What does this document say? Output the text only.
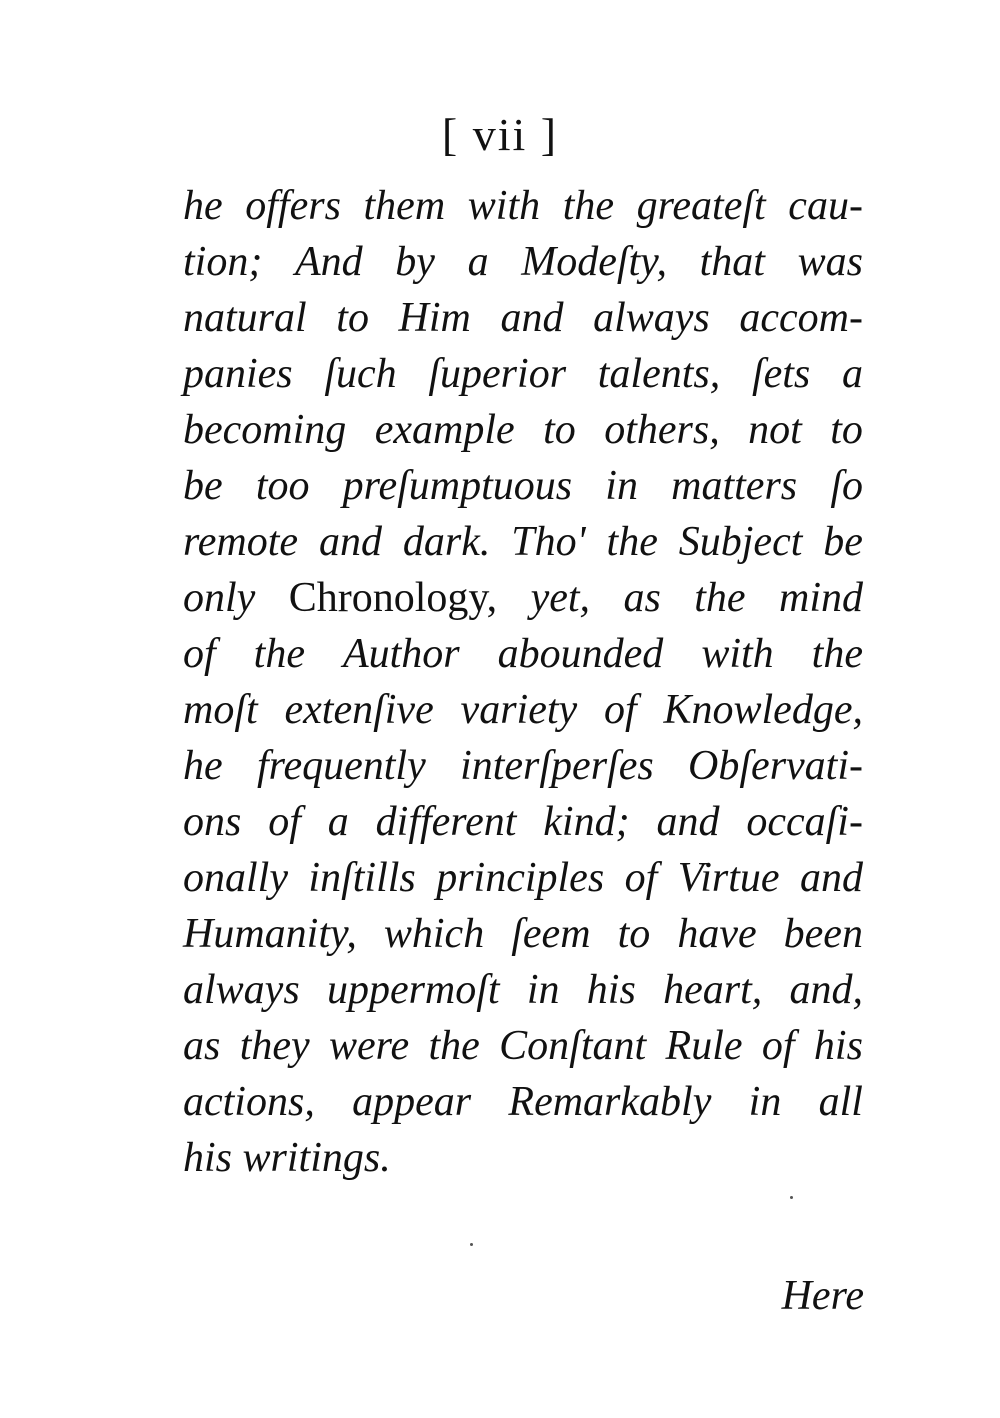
[ vii ]
he offers them with the greateſt cau-
tion; And by a Modeſty, that was
natural to Him and always accom-
panies ſuch ſuperior talents, ſets a
becoming example to others, not to
be too preſumptuous in matters ſo
remote and dark. Tho' the Subject be
only Chronology, yet, as the mind
of the Author abounded with the
moſt extenſive variety of Knowledge,
he frequently interſperſes Obſervati-
ons of a different kind; and occaſi-
onally inſtills principles of Virtue and
Humanity, which ſeem to have been
always uppermoſt in his heart, and,
as they were the Conſtant Rule of his
actions, appear Remarkably in all
his
writings.
Here
